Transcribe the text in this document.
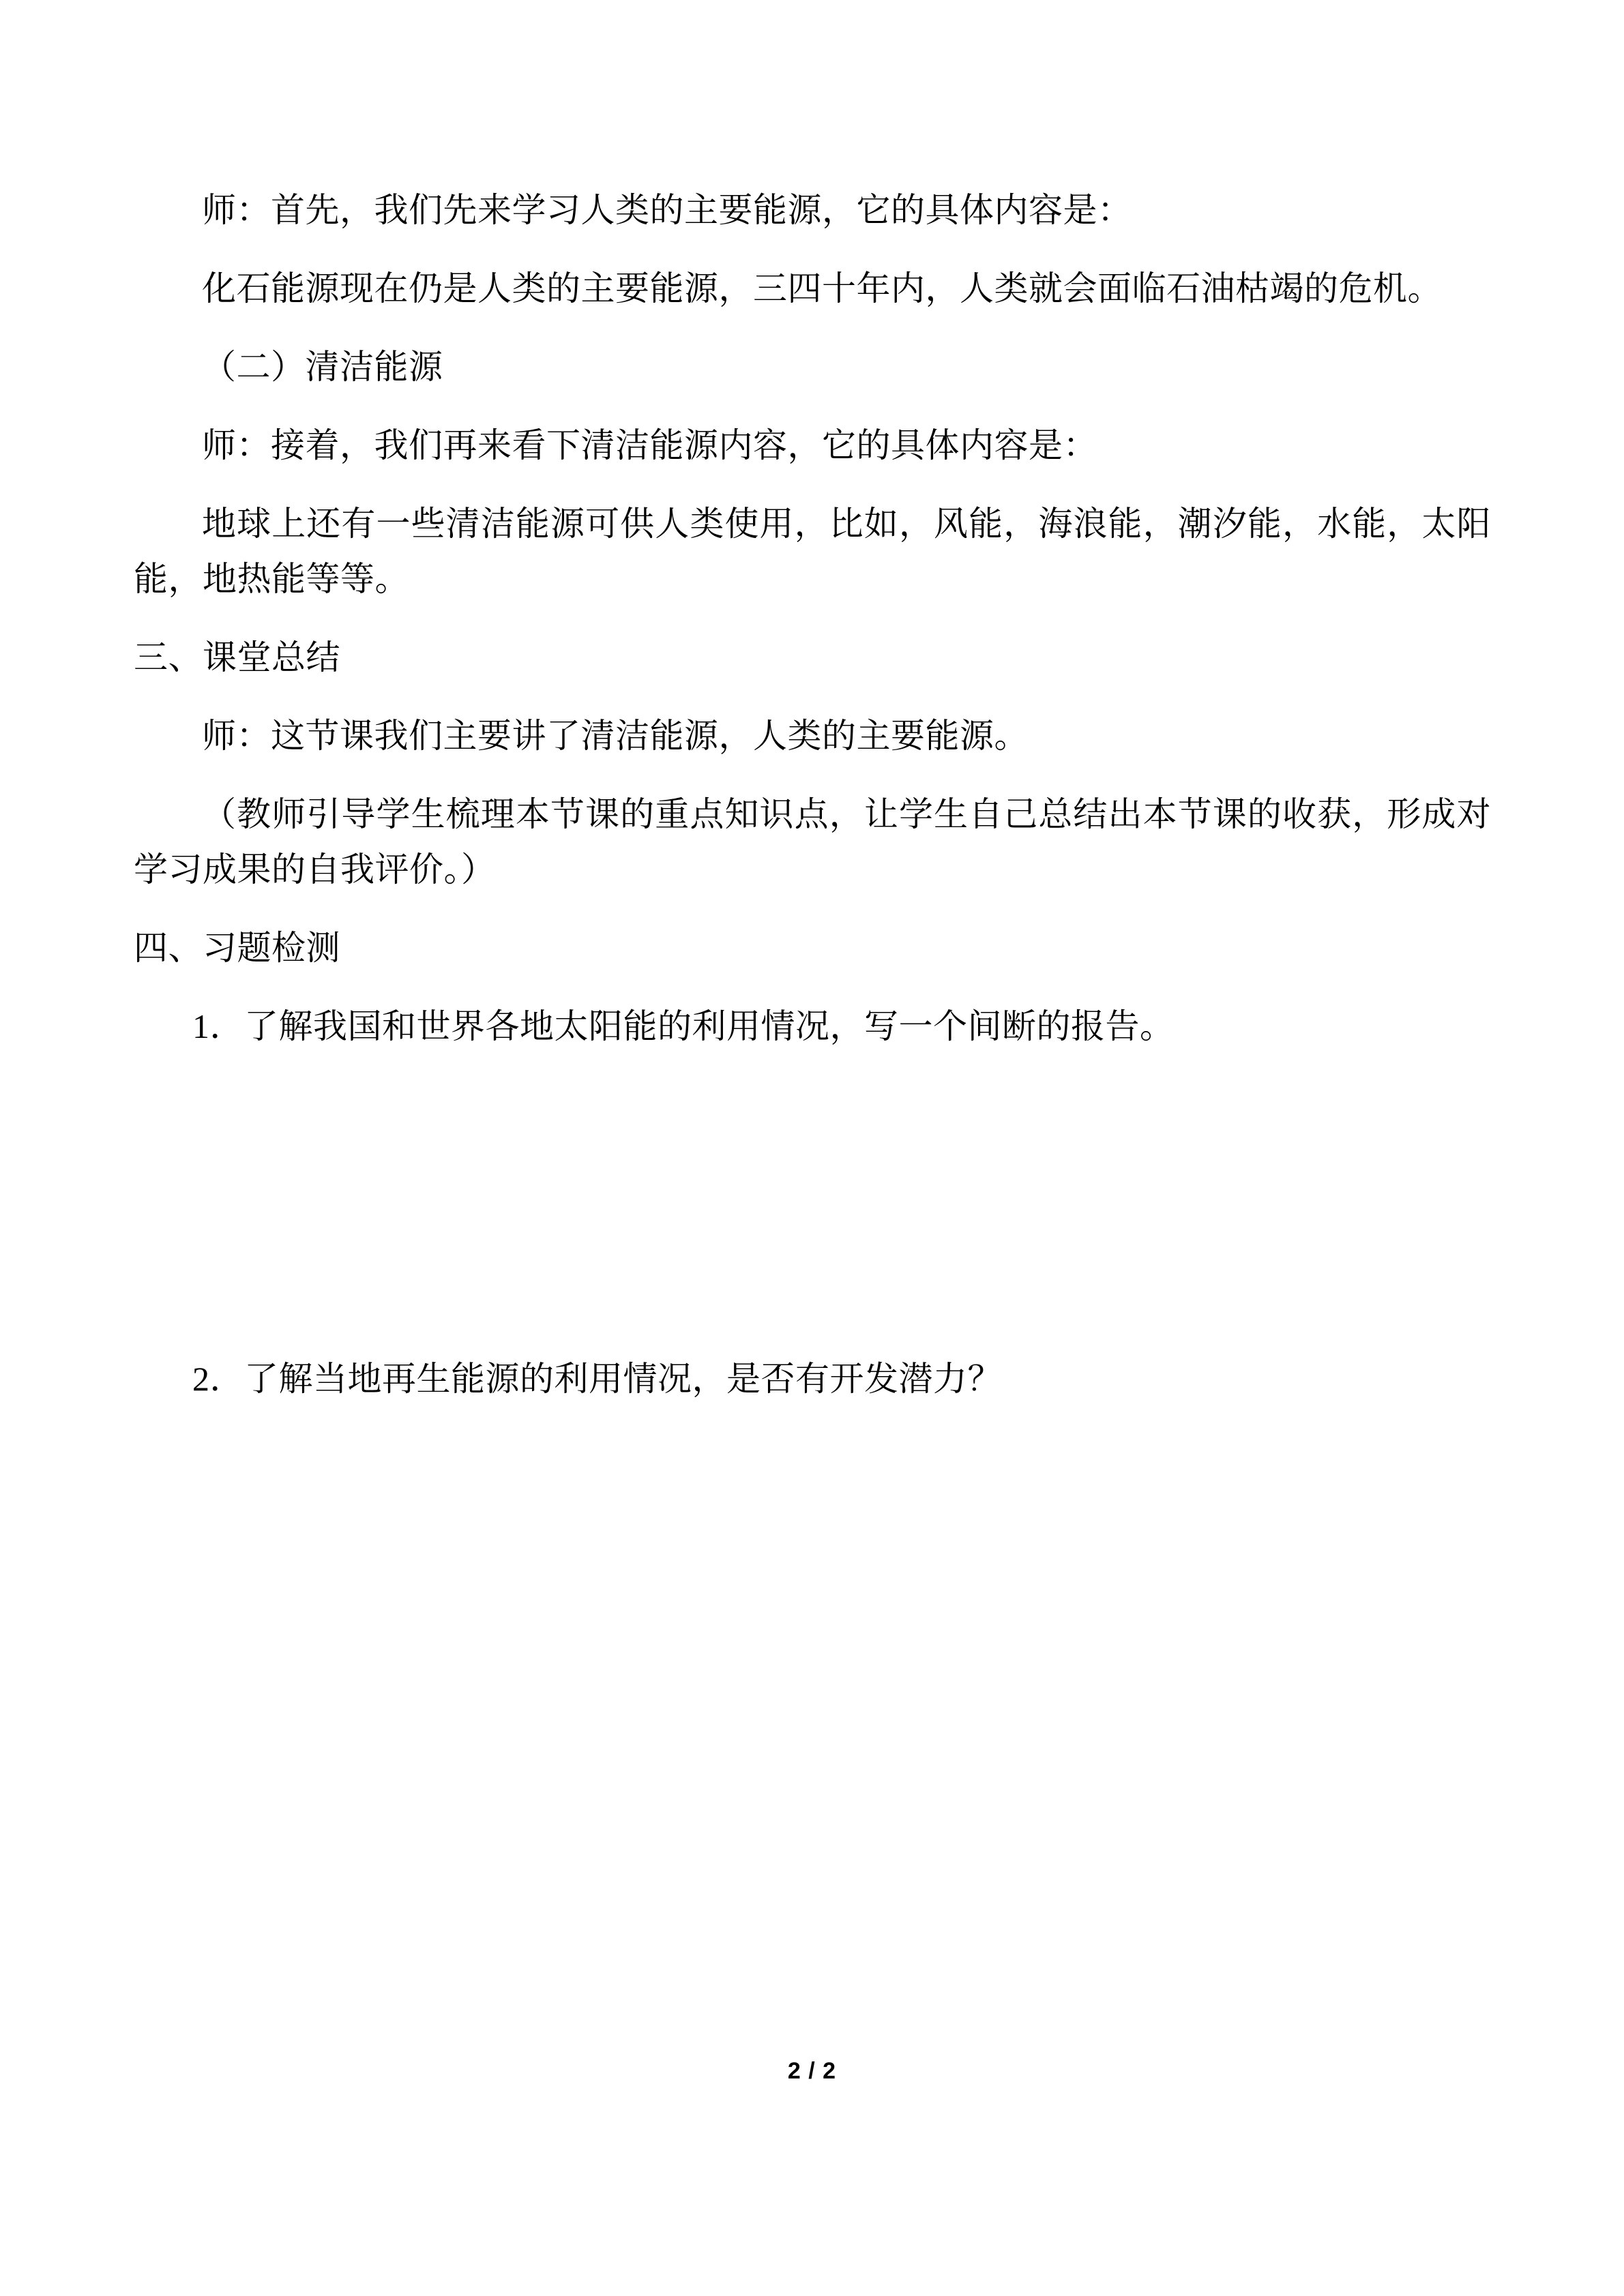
师：首先，我们先来学习人类的主要能源，它的具体内容是：

化石能源现在仍是人类的主要能源，三四十年内，人类就会面临石油枯竭的危机。

（二）清洁能源

师：接着，我们再来看下清洁能源内容，它的具体内容是：

地球上还有一些清洁能源可供人类使用，比如，风能，海浪能，潮汐能，水能，太阳能，地热能等等。

三、课堂总结

师：这节课我们主要讲了清洁能源，人类的主要能源。

（教师引导学生梳理本节课的重点知识点，让学生自己总结出本节课的收获，形成对学习成果的自我评价。）

四、习题检测

1．了解我国和世界各地太阳能的利用情况，写一个间断的报告。

2．了解当地再生能源的利用情况，是否有开发潜力？

2 / 2
